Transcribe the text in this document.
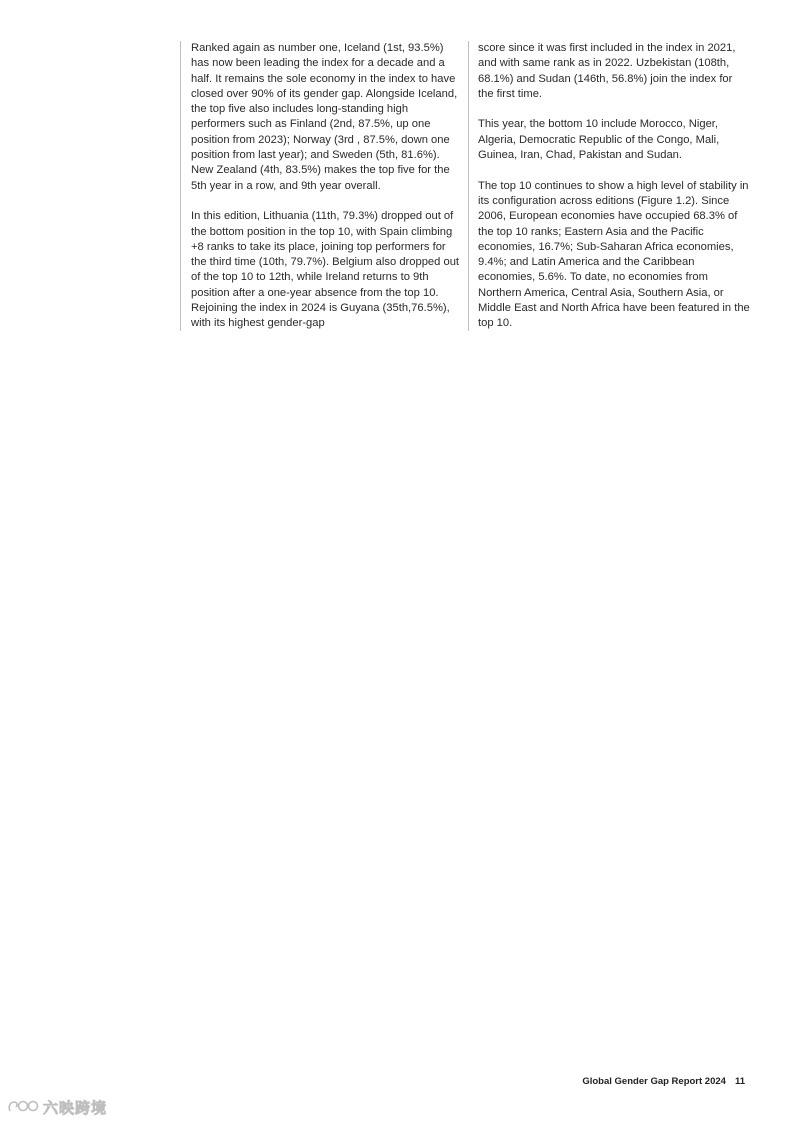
Ranked again as number one, Iceland (1st, 93.5%) has now been leading the index for a decade and a half. It remains the sole economy in the index to have closed over 90% of its gender gap. Alongside Iceland, the top five also includes long-standing high performers such as Finland (2nd, 87.5%, up one position from 2023); Norway (3rd , 87.5%, down one position from last year); and Sweden (5th, 81.6%). New Zealand (4th, 83.5%) makes the top five for the 5th year in a row, and 9th year overall.

In this edition, Lithuania (11th, 79.3%) dropped out of the bottom position in the top 10, with Spain climbing +8 ranks to take its place, joining top performers for the third time (10th, 79.7%). Belgium also dropped out of the top 10 to 12th, while Ireland returns to 9th position after a one-year absence from the top 10. Rejoining the index in 2024 is Guyana (35th,76.5%), with its highest gender-gap

score since it was first included in the index in 2021, and with same rank as in 2022. Uzbekistan (108th, 68.1%) and Sudan (146th, 56.8%) join the index for the first time.

This year, the bottom 10 include Morocco, Niger, Algeria, Democratic Republic of the Congo, Mali, Guinea, Iran, Chad, Pakistan and Sudan.

The top 10 continues to show a high level of stability in its configuration across editions (Figure 1.2). Since 2006, European economies have occupied 68.3% of the top 10 ranks; Eastern Asia and the Pacific economies, 16.7%; Sub-Saharan Africa economies, 9.4%; and Latin America and the Caribbean economies, 5.6%. To date, no economies from Northern America, Central Asia, Southern Asia, or Middle East and North Africa have been featured in the top 10.

Global Gender Gap Report 2024 11
六映跨境
